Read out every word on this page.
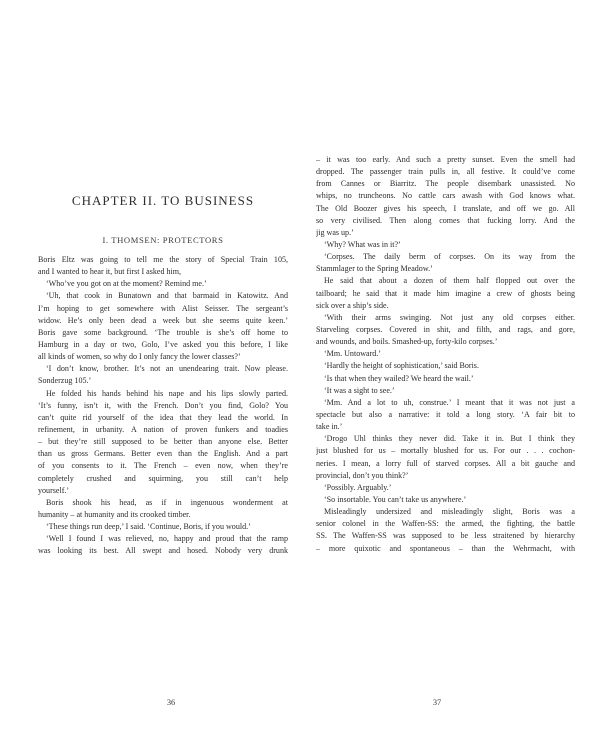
CHAPTER II. TO BUSINESS
I. THOMSEN: PROTECTORS
Boris Eltz was going to tell me the story of Special Train 105,
and I wanted to hear it, but first I asked him,
‘Who’ve you got on at the moment? Remind me.’
‘Uh, that cook in Bunatown and that barmaid in Katowitz. And
I’m hoping to get somewhere with Alist Seisser. The sergeant’s
widow. He’s only been dead a week but she seems quite keen.’
Boris gave some background. ‘The trouble is she’s off home to
Hamburg in a day or two, Golo, I’ve asked you this before, I like
all kinds of women, so why do I only fancy the lower classes?’
‘I don’t know, brother. It’s not an unendearing trait. Now please.
Sonderzug 105.’
He folded his hands behind his nape and his lips slowly parted.
‘It’s funny, isn’t it, with the French. Don’t you find, Golo? You
can’t quite rid yourself of the idea that they lead the world. In
refinement, in urbanity. A nation of proven funkers and toadies
– but they’re still supposed to be better than anyone else. Better
than us gross Germans. Better even than the English. And a part
of you consents to it. The French – even now, when they’re
completely crushed and squirming, you still can’t help
yourself.’
Boris shook his head, as if in ingenuous wonderment at
humanity – at humanity and its crooked timber.
‘These things run deep,’ I said. ‘Continue, Boris, if you would.’
‘Well I found I was relieved, no, happy and proud that the ramp
was looking its best. All swept and hosed. Nobody very drunk
36
– it was too early. And such a pretty sunset. Even the smell had
dropped. The passenger train pulls in, all festive. It could’ve come
from Cannes or Biarritz. The people disembark unassisted. No
whips, no truncheons. No cattle cars awash with God knows what.
The Old Boozer gives his speech, I translate, and off we go. All
so very civilised. Then along comes that fucking lorry. And the
jig was up.’
‘Why? What was in it?’
‘Corpses. The daily berm of corpses. On its way from the
Stammlager to the Spring Meadow.’
He said that about a dozen of them half flopped out over the
tailboard; he said that it made him imagine a crew of ghosts being
sick over a ship’s side.
‘With their arms swinging. Not just any old corpses either.
Starveling corpses. Covered in shit, and filth, and rags, and gore,
and wounds, and boils. Smashed-up, forty-kilo corpses.’
‘Mm. Untoward.’
‘Hardly the height of sophistication,’ said Boris.
‘Is that when they wailed? We heard the wail.’
‘It was a sight to see.’
‘Mm. And a lot to uh, construe.’ I meant that it was not just a
spectacle but also a narrative: it told a long story. ‘A fair bit to
take in.’
‘Drogo Uhl thinks they never did. Take it in. But I think they
just blushed for us – mortally blushed for us. For our . . . cochon-
neries. I mean, a lorry full of starved corpses. All a bit gauche and
provincial, don’t you think?’
‘Possibly. Arguably.’
‘So insortable. You can’t take us anywhere.’
Misleadingly undersized and misleadingly slight, Boris was a
senior colonel in the Waffen-SS: the armed, the fighting, the battle
SS. The Waffen-SS was supposed to be less straitened by hierarchy
– more quixotic and spontaneous – than the Wehrmacht, with
37
